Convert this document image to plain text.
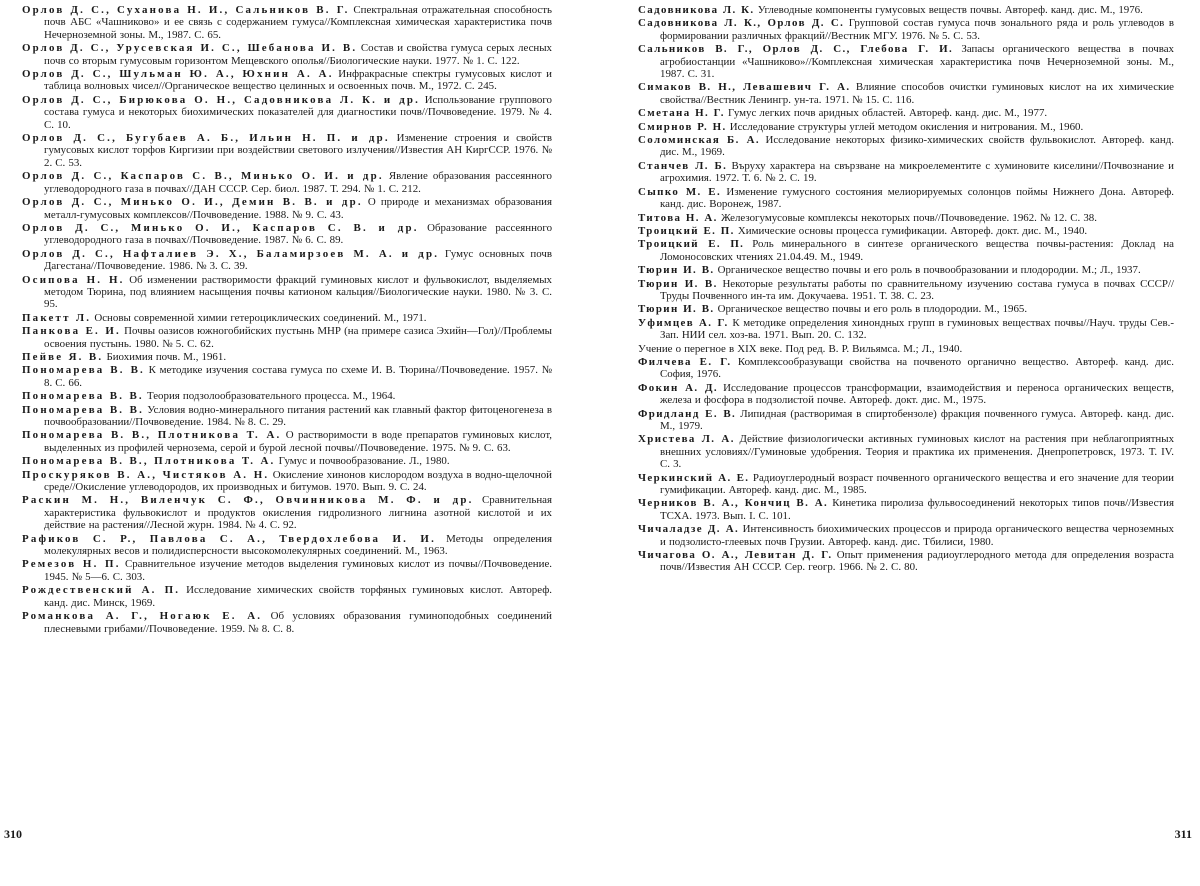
Орлов Д. С., Суханова Н. И., Сальников В. Г. Спектральная отражательная способность почв АБС «Чашниково» и ее связь с содержанием гумуса//Комплексная химическая характеристика почв Нечерноземной зоны. М., 1987. С. 65.

Орлов Д. С., Урусевская И. С., Шебанова И. В. Состав и свойства гумуса серых лесных почв со вторым гумусовым горизонтом Мещевского ополья//Биологические науки. 1977. № 1. С. 122.

Орлов Д. С., Шульман Ю. А., Юхнин А. А. Инфракрасные спектры гумусовых кислот и таблица волновых чисел//Органическое вещество целинных и освоенных почв. М., 1972. С. 245.

Орлов Д. С., Бирюкова О. Н., Садовникова Л. К. и др. Использование группового состава гумуса и некоторых биохимических показателей для диагностики почв//Почвоведение. 1979. № 4. С. 10.

Орлов Д. С., Бугубаев А. Б., Ильин Н. П. и др. Изменение строения и свойств гумусовых кислот торфов Киргизии при воздействии светового излучения//Известия АН КиргССР. 1976. № 2. С. 53.

Орлов Д. С., Каспаров С. В., Минько О. И. и др. Явление образования рассеянного углеводородного газа в почвах//ДАН СССР. Сер. биол. 1987. Т. 294. № 1. С. 212.

Орлов Д. С., Минько О. И., Демин В. В. и др. О природе и механизмах образования металл-гумусовых комплексов//Почвоведение. 1988. № 9. С. 43.

Орлов Д. С., Минько О. И., Каспаров С. В. и др. Образование рассеянного углеводородного газа в почвах//Почвоведение. 1987. № 6. С. 89.

Орлов Д. С., Нафталиев Э. Х., Баламирзоев М. А. и др. Гумус основных почв Дагестана//Почвоведение. 1986. № 3. С. 39.

Осипова Н. Н. Об изменении растворимости фракций гуминовых кислот и фульвокислот, выделяемых методом Тюрина, под влиянием насыщения почвы катионом кальция//Биологические науки. 1980. № 3. С. 95.

Пакетт Л. Основы современной химии гетероциклических соединений. М., 1971.

Панкова Е. И. Почвы оазисов южногобийских пустынь МНР (на примере сазиса Эхийн—Гол)//Проблемы освоения пустынь. 1980. № 5. С. 62.

Пейве Я. В. Биохимия почв. М., 1961.

Пономарева В. В. К методике изучения состава гумуса по схеме И. В. Тюрина//Почвоведение. 1957. № 8. С. 66.

Пономарева В. В. Теория подзолообразовательного процесса. М., 1964.

Пономарева В. В. Условия водно-минерального питания растений как главный фактор фитоценогенеза в почвообразовании//Почвоведение. 1984. № 8. С. 29.

Пономарева В. В., Плотникова Т. А. О растворимости в воде препаратов гуминовых кислот, выделенных из профилей чернозема, серой и бурой лесной почвы//Почвоведение. 1975. № 9. С. 63.

Пономарева В. В., Плотникова Т. А. Гумус и почвообразование. Л., 1980.

Проскуряков В. А., Чистяков А. Н. Окисление хинонов кислородом воздуха в водно-щелочной среде//Окисление углеводородов, их производных и битумов. 1970. Вып. 9. С. 24.

Раскин М. Н., Виленчук С. Ф., Овчинникова М. Ф. и др. Сравнительная характеристика фульвокислот и продуктов окисления гидролизного лигнина азотной кислотой и их действие на растения//Лесной журн. 1984. № 4. С. 92.

Рафиков С. Р., Павлова С. А., Твердохлебова И. И. Методы определения молекулярных весов и полидисперсности высокомолекулярных соединений. М., 1963.

Ремезов Н. П. Сравнительное изучение методов выделения гуминовых кислот из почвы//Почвоведение. 1945. № 5—6. С. 303.

Рождественский А. П. Исследование химических свойств торфяных гуминовых кислот. Автореф. канд. дис. Минск, 1969.

Романкова А. Г., Ногаюк Е. А. Об условиях образования гуминоподобных соединений плесневыми грибами//Почвоведение. 1959. № 8. С. 8.

310

Садовникова Л. К. Углеводные компоненты гумусовых веществ почвы. Автореф. канд. дис. М., 1976.

Садовникова Л. К., Орлов Д. С. Групповой состав гумуса почв зонального ряда и роль углеводов в формировании различных фракций//Вестник МГУ. 1976. № 5. С. 53.

Сальников В. Г., Орлов Д. С., Глебова Г. И. Запасы органического вещества в почвах агробиостанции «Чашниково»//Комплексная химическая характеристика почв Нечерноземной зоны. М., 1987. С. 31.

Симаков В. Н., Левашевич Г. А. Влияние способов очистки гуминовых кислот на их химические свойства//Вестник Ленингр. ун-та. 1971. № 15. С. 116.

Сметана Н. Г. Гумус легких почв аридных областей. Автореф. канд. дис. М., 1977.

Смирнов Р. Н. Исследование структуры углей методом окисления и нитрования. М., 1960.

Соломинская Б. А. Исследование некоторых физико-химических свойств фульвокислот. Автореф. канд. дис. М., 1969.

Станчев Л. Б. Въруху характера на свързване на микроелементите с хуминовите киселини//Почвознание и агрохимия. 1972. Т. 6. № 2. С. 19.

Сыпко М. Е. Изменение гумусного состояния мелиорируемых солонцов поймы Нижнего Дона. Автореф. канд. дис. Воронеж, 1987.

Титова Н. А. Железогумусовые комплексы некоторых почв//Почвоведение. 1962. № 12. С. 38.

Троицкий Е. П. Химические основы процесса гумификации. Автореф. докт. дис. М., 1940.

Троицкий Е. П. Роль минерального в синтезе органического вещества почвы-растения: Доклад на Ломоносовских чтениях 21.04.49. М., 1949.

Тюрин И. В. Органическое вещество почвы и его роль в почвообразовании и плодородии. М.; Л., 1937.

Тюрин И. В. Некоторые результаты работы по сравнительному изучению состава гумуса в почвах СССР//Труды Почвенного ин-та им. Докучаева. 1951. Т. 38. С. 23.

Тюрин И. В. Органическое вещество почвы и его роль в плодородии. М., 1965.

Уфимцев А. Г. К методике определения хинондных групп в гуминовых веществах почвы//Науч. труды Сев.-Зап. НИИ сел. хоз-ва. 1971. Вып. 20. С. 132.

Учение о перегное в XIX веке. Под ред. В. Р. Вильямса. М.; Л., 1940.

Филчева Е. Г. Комплексообразуващи свойства на почвеното органично вещество. Автореф. канд. дис. София, 1976.

Фокин А. Д. Исследование процессов трансформации, взаимодействия и переноса органических веществ, железа и фосфора в подзолистой почве. Автореф. докт. дис. М., 1975.

Фридланд Е. В. Липидная (растворимая в спиртобензоле) фракция почвенного гумуса. Автореф. канд. дис. М., 1979.

Христева Л. А. Действие физиологически активных гуминовых кислот на растения при неблагоприятных внешних условиях//Гуминовые удобрения. Теория и практика их применения. Днепропетровск, 1973. Т. IV. С. 3.

Черкинский А. Е. Радиоуглеродный возраст почвенного органического вещества и его значение для теории гумификации. Автореф. канд. дис. М., 1985.

Черников В. А., Кончиц В. А. Кинетика пиролиза фульвосоединений некоторых типов почв//Известия ТСХА. 1973. Вып. I. С. 101.

Чичаладзе Д. А. Интенсивность биохимических процессов и природа органического вещества черноземных и подзолисто-глеевых почв Грузии. Автореф. канд. дис. Тбилиси, 1980.

Чичагова О. А., Левитан Д. Г. Опыт применения радиоуглеродного метода для определения возраста почв//Известия АН СССР. Сер. геогр. 1966. № 2. С. 80.

311
